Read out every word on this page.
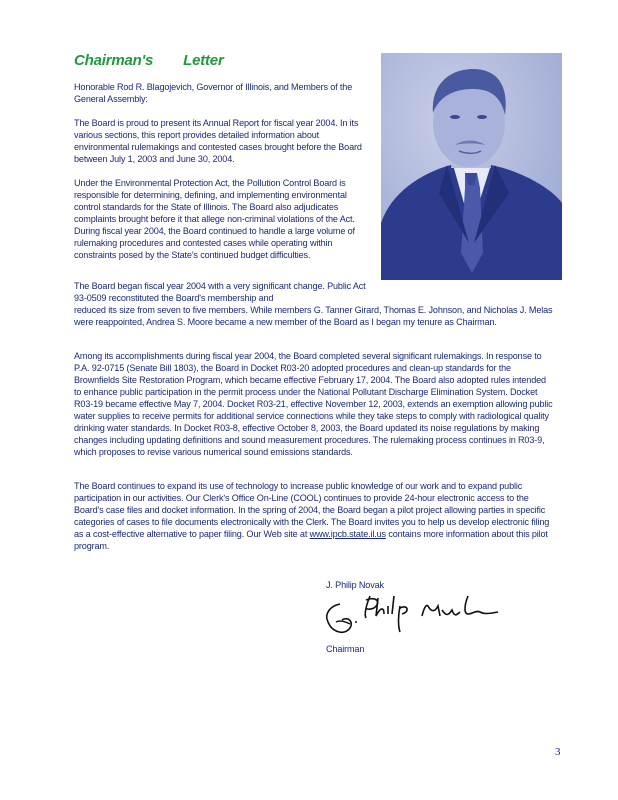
Chairman's Letter

Honorable Rod R. Blagojevich, Governor of Illinois, and Members of the General Assembly:

The Board is proud to present its Annual Report for fiscal year 2004. In its various sections, this report provides detailed information about environmental rulemakings and contested cases brought before the Board between July 1, 2003 and June 30, 2004.

Under the Environmental Protection Act, the Pollution Control Board is responsible for determining, defining, and implementing environmental control standards for the State of Illinois. The Board also adjudicates complaints brought before it that allege non-criminal violations of the Act. During fiscal year 2004, the Board continued to handle a large volume of rulemaking procedures and contested cases while operating within constraints posed by the State's continued budget difficulties.

The Board began fiscal year 2004 with a very significant change. Public Act 93-0509 reconstituted the Board's membership and
reduced its size from seven to five members. While members G. Tanner Girard, Thomas E. Johnson, and Nicholas J. Melas were reappointed, Andrea S. Moore became a new member of the Board as I began my tenure as Chairman.

Among its accomplishments during fiscal year 2004, the Board completed several significant rulemakings. In response to P.A. 92-0715 (Senate Bill 1803), the Board in Docket R03-20 adopted procedures and clean-up standards for the Brownfields Site Restoration Program, which became effective February 17, 2004. The Board also adopted rules intended to enhance public participation in the permit process under the National Pollutant Discharge Elimination System. Docket R03-19 became effective May 7, 2004. Docket R03-21, effective November 12, 2003, extends an exemption allowing public water supplies to receive permits for additional service connections while they take steps to comply with radiological quality drinking water standards. In Docket R03-8, effective October 8, 2003, the Board updated its noise regulations by making changes including updating definitions and sound measurement procedures. The rulemaking process continues in R03-9, which proposes to revise various numerical sound emissions standards.

The Board continues to expand its use of technology to increase public knowledge of our work and to expand public participation in our activities. Our Clerk's Office On-Line (COOL) continues to provide 24-hour electronic access to the Board's case files and docket information. In the spring of 2004, the Board began a pilot project allowing parties in specific categories of cases to file documents electronically with the Clerk. The Board invites you to help us develop electronic filing as a cost-effective alternative to paper filing. Our Web site at www.ipcb.state.il.us contains more information about this pilot program.

J. Philip Novak
Chairman
3
